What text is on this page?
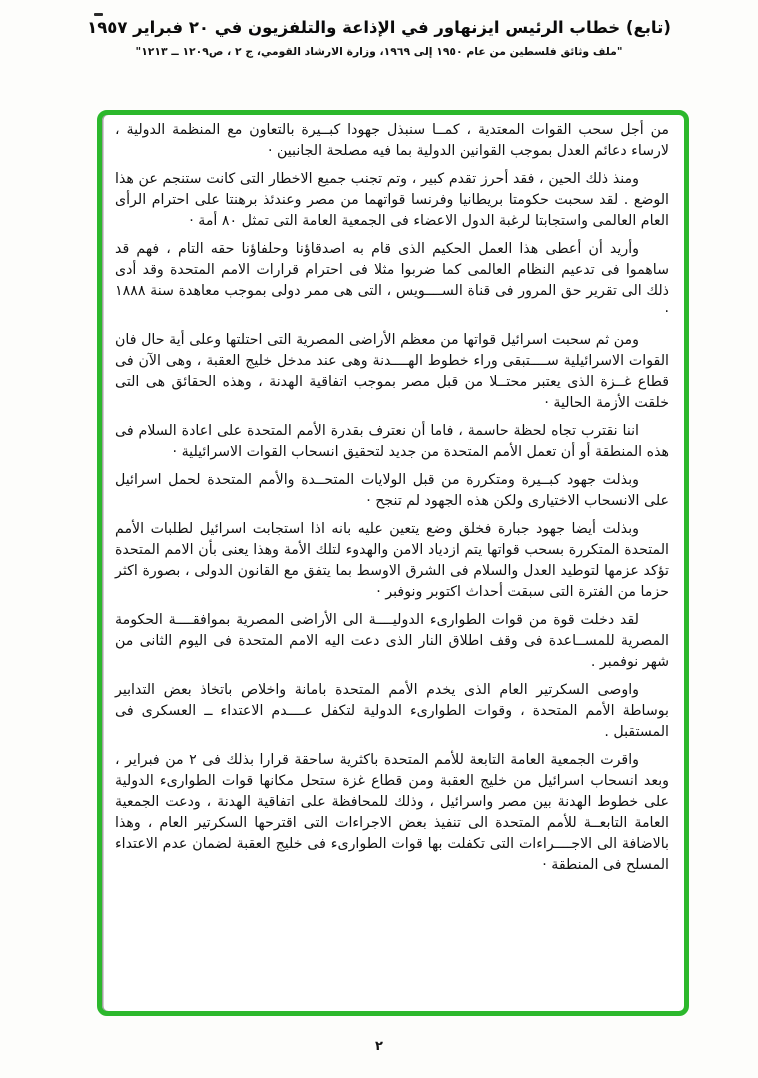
(تابع) خطاب الرئيس ايزنهاور في الإذاعة والتلفزيون في ٢٠ فبراير ١٩٥٧
"ملف وثائق فلسطين من عام ١٩٥٠ إلى ١٩٦٩، وزارة الارشاد القومي، ج ٢ ، ص١٢٠٩ ــ ١٢١٣"

من أجل سحب القوات المعتدية ، كمــا سنبذل جهودا كبــيرة بالتعاون مع المنظمة الدولية ، لارساء دعائم العدل بموجب القوانين الدولية بما فيه مصلحة الجانبين ·

ومنذ ذلك الحين ، فقد أحرز تقدم كبير ، وتم تجنب جميع الاخطار التى كانت ستنجم عن هذا الوضع . لقد سحبت حكومتا بريطانيا وفرنسا قواتهما من مصر وعندئذ برهنتا على احترام الرأى العام العالمى واستجابتا لرغبة الدول الاعضاء فى الجمعية العامة التى تمثل ٨٠ أمة ·

وأريد أن أعطى هذا العمل الحكيم الذى قام به اصدقاؤنا وحلفاؤنا حقه التام ، فهم قد ساهموا فى تدعيم النظام العالمى كما ضربوا مثلا فى احترام قرارات الامم المتحدة وقد أدى ذلك الى تقرير حق المرور فى قناة الســــويس ، التى هى ممر دولى بموجب معاهدة سنة ١٨٨٨ ·

ومن ثم سحبت اسرائيل قواتها من معظم الأراضى المصرية التى احتلتها وعلى أية حال فان القوات الاسرائيلية ســــتبقى وراء خطوط الهــــدنة وهى عند مدخل خليج العقبة ، وهى الآن فى قطاع غــزة الذى يعتبر محتــلا من قبل مصر بموجب اتفاقية الهدنة ، وهذه الحقائق هى التى خلقت الأزمة الحالية ·

اننا نقترب تجاه لحظة حاسمة ، فاما أن نعترف بقدرة الأمم المتحدة على اعادة السلام فى هذه المنطقة أو أن تعمل الأمم المتحدة من جديد لتحقيق انسحاب القوات الاسرائيلية ·

وبذلت جهود كبــيرة ومتكررة من قبل الولايات المتحــدة والأمم المتحدة لحمل اسرائيل على الانسحاب الاختيارى ولكن هذه الجهود لم تنجح ·

وبذلت أيضا جهود جبارة فخلق وضع يتعين عليه بانه اذا استجابت اسرائيل لطلبات الأمم المتحدة المتكررة بسحب قواتها يتم ازدياد الامن والهدوء لتلك الأمة وهذا يعنى بأن الامم المتحدة تؤكد عزمها لتوطيد العدل والسلام فى الشرق الاوسط بما يتفق مع القانون الدولى ، بصورة اكثر حزما من الفترة التى سبقت أحداث اكتوبر ونوفبر ·

لقد دخلت قوة من قوات الطوارىء الدوليــــة الى الأراضى المصرية بموافقــــة الحكومة المصرية للمســاعدة فى وقف اطلاق النار الذى دعت اليه الامم المتحدة فى اليوم الثانى من شهر نوفمبر .

واوصى السكرتير العام الذى يخدم الأمم المتحدة بامانة واخلاص باتخاذ بعض التدابير بوساطة الأمم المتحدة ، وقوات الطوارىء الدولية لتكفل عــــدم الاعتداء ــ العسكرى فى المستقبل .

واقرت الجمعية العامة التابعة للأمم المتحدة باكثرية ساحقة قرارا بذلك فى ٢ من فبراير ، وبعد انسحاب اسرائيل من خليج العقبة ومن قطاع غزة ستحل مكانها قوات الطوارىء الدولية على خطوط الهدنة بين مصر واسرائيل ، وذلك للمحافظة على اتفاقية الهدنة ، ودعت الجمعية العامة التابعــة للأمم المتحدة الى تنفيذ بعض الاجراءات التى اقترحها السكرتير العام ، وهذا بالاضافة الى الاجــــراءات التى تكفلت بها قوات الطوارىء فى خليج العقبة لضمان عدم الاعتداء المسلح فى المنطقة ·

٢
